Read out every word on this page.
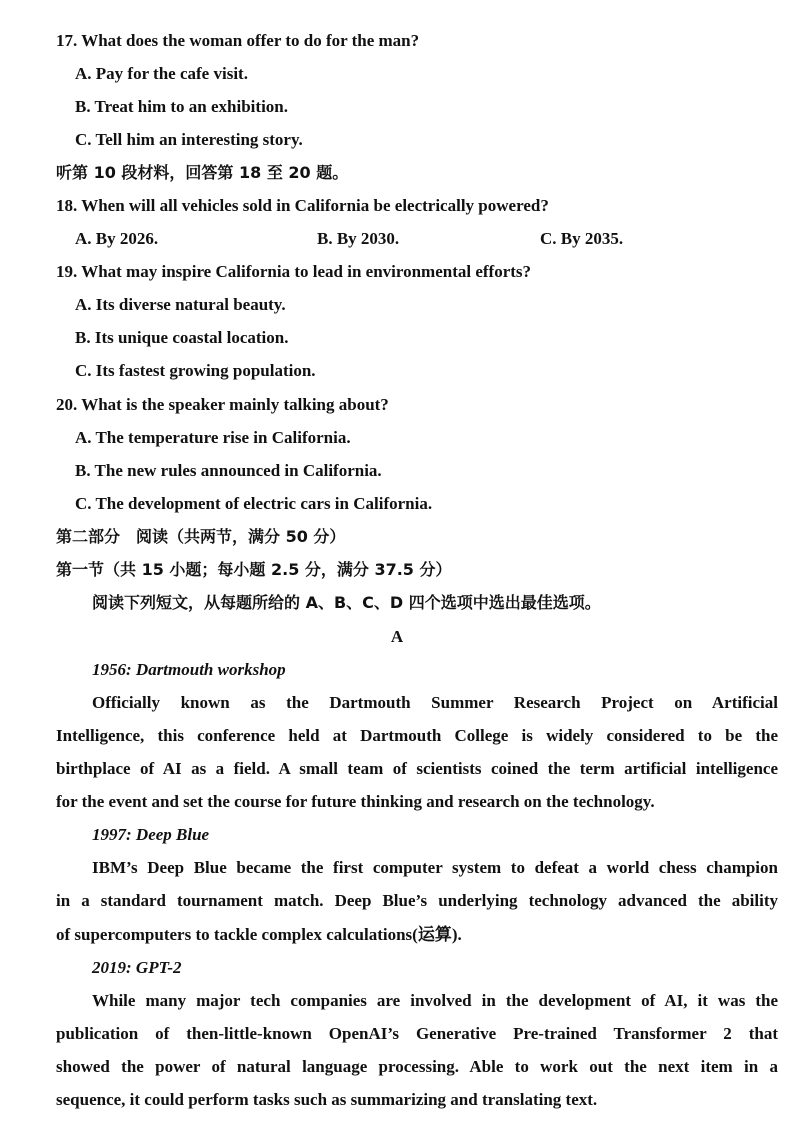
17. What does the woman offer to do for the man?
A. Pay for the cafe visit.
B. Treat him to an exhibition.
C. Tell him an interesting story.
听第 10 段材料，回答第 18 至 20 题。
18. When will all vehicles sold in California be electrically powered?
A. By 2026.	B. By 2030.	C. By 2035.
19. What may inspire California to lead in environmental efforts?
A. Its diverse natural beauty.
B. Its unique coastal location.
C. Its fastest growing population.
20. What is the speaker mainly talking about?
A. The temperature rise in California.
B. The new rules announced in California.
C. The development of electric cars in California.
第二部分　阅读（共两节，满分 50 分）
第一节（共 15 小题；每小题 2.5 分，满分 37.5 分）
阅读下列短文，从每题所给的 A、B、C、D 四个选项中选出最佳选项。
A
1956: Dartmouth workshop
Officially known as the Dartmouth Summer Research Project on Artificial
Intelligence, this conference held at Dartmouth College is widely considered to be the
birthplace of AI as a field. A small team of scientists coined the term artificial intelligence
for the event and set the course for future thinking and research on the technology.
1997: Deep Blue
IBM’s Deep Blue became the first computer system to defeat a world chess champion
in a standard tournament match. Deep Blue’s underlying technology advanced the ability
of supercomputers to tackle complex calculations(运算).
2019: GPT-2
While many major tech companies are involved in the development of AI, it was the
publication of then-little-known OpenAI’s Generative Pre-trained Transformer 2 that
showed the power of natural language processing. Able to work out the next item in a
sequence, it could perform tasks such as summarizing and translating text.
